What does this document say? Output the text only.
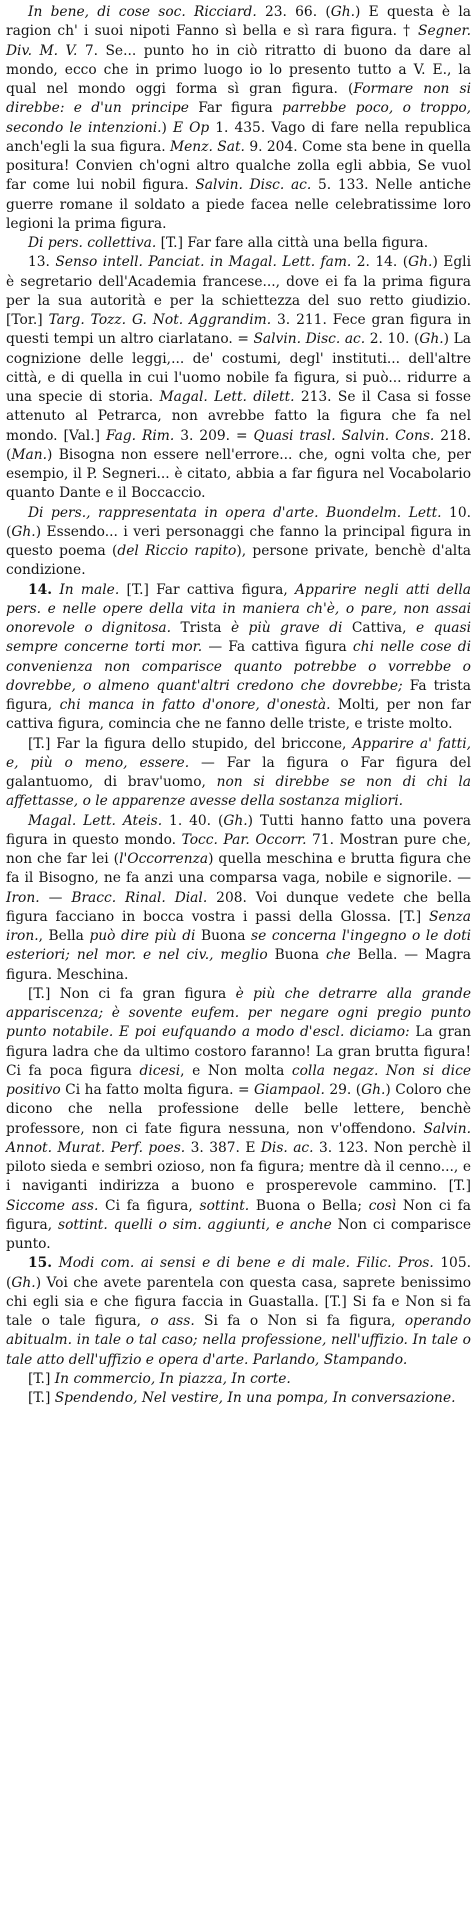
In bene, di cose soc. Ricciard. 23. 66. (Gh.) E questa è la ragion ch' i suoi nipoti Fanno sì bella e sì rara figura. † Segner. Div. M. V. 7. Se... punto ho in ciò ritratto di buono da dare al mondo, ecco che in primo luogo io lo presento tutto a V. E., la qual nel mondo oggi forma sì gran figura. (Formare non si direbbe: e d'un principe Far figura parrebbe poco, o troppo, secondo le intenzioni.) E Op 1. 435. Vago di fare nella republica anch'egli la sua figura. Menz. Sat. 9. 204. Come sta bene in quella positura! Convien ch'ogni altro qualche zolla egli abbia, Se vuol far come lui nobil figura. Salvin. Disc. ac. 5. 133. Nelle antiche guerre romane il soldato a piede facea nelle celebratissime loro legioni la prima figura.

Di pers. collettiva. [T.] Far fare alla città una bella figura.

13. Senso intell. Panciat. in Magal. Lett. fam. 2. 14. (Gh.) Egli è segretario dell'Academia francese..., dove ei fa la prima figura per la sua autorità e per la schiettezza del suo retto giudizio. [Tor.] Targ. Tozz. G. Not. Aggrandim. 3. 211. Fece gran figura in questi tempi un altro ciarlatano. = Salvin. Disc. ac. 2. 10. (Gh.) La cognizione delle leggi,... de' costumi, degl' instituti... dell'altre città, e di quella in cui l'uomo nobile fa figura, si può... ridurre a una specie di storia. Magal. Lett. dilett. 213. Se il Casa si fosse attenuto al Petrarca, non avrebbe fatto la figura che fa nel mondo. [Val.] Fag. Rim. 3. 209. = Quasi trasl. Salvin. Cons. 218. (Man.) Bisogna non essere nell'errore... che, ogni volta che, per esempio, il P. Segneri... è citato, abbia a far figura nel Vocabolario quanto Dante e il Boccaccio.

Di pers., rappresentata in opera d'arte. Buondelm. Lett. 10. (Gh.) Essendo... i veri personaggi che fanno la principal figura in questo poema (del Riccio rapito), persone private, benchè d'alta condizione.

14. In male. [T.] Far cattiva figura, Apparire negli atti della pers. e nelle opere della vita in maniera ch'è, o pare, non assai onorevole o dignitosa. Trista è più grave di Cattiva, e quasi sempre concerne torti mor. — Fa cattiva figura chi nelle cose di convenienza non comparisce quanto potrebbe o vorrebbe o dovrebbe, o almeno quant'altri credono che dovrebbe; Fa trista figura, chi manca in fatto d'onore, d'onestà. Molti, per non far cattiva figura, comincia che ne fanno delle triste, e triste molto.

[T.] Far la figura dello stupido, del briccone, Apparire a' fatti, e, più o meno, essere. — Far la figura o Far figura del galantuomo, di brav'uomo, non si direbbe se non di chi la affettasse, o le apparenze avesse della sostanza migliori.

Magal. Lett. Ateis. 1. 40. (Gh.) Tutti hanno fatto una povera figura in questo mondo. Tocc. Par. Occorr. 71. Mostran pure che, non che far lei (l'Occorrenza) quella meschina e brutta figura che fa il Bisogno, ne fa anzi una comparsa vaga, nobile e signorile. — Iron. — Bracc. Rinal. Dial. 208. Voi dunque vedete che bella figura facciano in bocca vostra i passi della Glossa. [T.] Senza iron., Bella può dire più di Buona se concerna l'ingegno o le doti esteriori; nel mor. e nel civ., meglio Buona che Bella. — Magra figura. Meschina.

[T.] Non ci fa gran figura è più che detrarre alla grande appariscenza; è sovente eufem. per negare ogni pregio punto punto notabile. E poi eufquando a modo d'escl. diciamo: La gran figura ladra che da ultimo costoro faranno! La gran brutta figura! Ci fa poca figura dicesi, e Non molta colla negaz. Non si dice positivo Ci ha fatto molta figura. = Giampaol. 29. (Gh.) Coloro che dicono che nella professione delle belle lettere, benchè professore, non ci fate figura nessuna, non v'offendono. Salvin. Annot. Murat. Perf. poes. 3. 387. E Dis. ac. 3. 123. Non perchè il piloto sieda e sembri ozioso, non fa figura; mentre dà il cenno..., e i naviganti indirizza a buono e prosperevole cammino. [T.] Siccome ass. Ci fa figura, sottint. Buona o Bella; così Non ci fa figura, sottint. quelli o sim. aggiunti, e anche Non ci comparisce punto.

15. Modi com. ai sensi e di bene e di male. Filic. Pros. 105. (Gh.) Voi che avete parentela con questa casa, saprete benissimo chi egli sia e che figura faccia in Guastalla. [T.] Si fa e Non si fa tale o tale figura, o ass. Si fa o Non si fa figura, operando abitualm. in tale o tal caso; nella professione, nell'uffizio. In tale o tale atto dell'uffizio e opera d'arte. Parlando, Stampando.

[T.] In commercio, In piazza, In corte.

[T.] Spendendo, Nel vestire, In una pompa, In conversazione.
